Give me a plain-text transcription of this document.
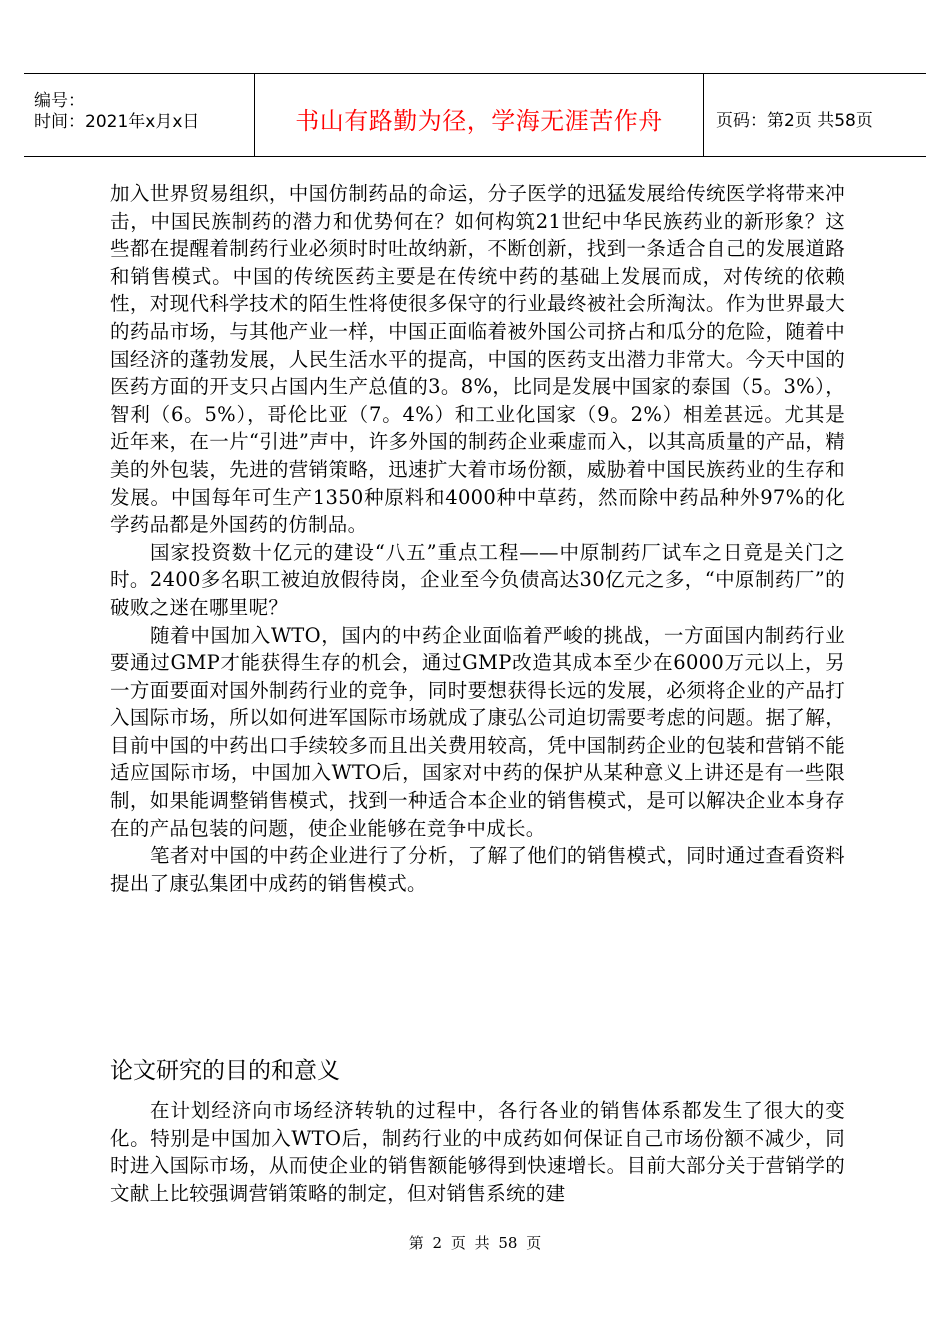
编号：
时间：2021年x月x日	书山有路勤为径，学海无涯苦作舟	页码：第2页 共58页

加入世界贸易组织，中国仿制药品的命运，分子医学的迅猛发展给传统医学将带来冲击，中国民族制药的潜力和优势何在？如何构筑21世纪中华民族药业的新形象？这些都在提醒着制药行业必须时时吐故纳新，不断创新，找到一条适合自己的发展道路和销售模式。中国的传统医药主要是在传统中药的基础上发展而成，对传统的依赖性，对现代科学技术的陌生性将使很多保守的行业最终被社会所淘汰。作为世界最大的药品市场，与其他产业一样，中国正面临着被外国公司挤占和瓜分的危险，随着中国经济的蓬勃发展，人民生活水平的提高，中国的医药支出潜力非常大。今天中国的医药方面的开支只占国内生产总值的3。8%，比同是发展中国家的泰国（5。3%），智利（6。5%），哥伦比亚（7。4%）和工业化国家（9。2%）相差甚远。尤其是近年来，在一片“引进”声中，许多外国的制药企业乘虚而入，以其高质量的产品，精美的外包装，先进的营销策略，迅速扩大着市场份额，威胁着中国民族药业的生存和发展。中国每年可生产1350种原料和4000种中草药，然而除中药品种外97%的化学药品都是外国药的仿制品。

国家投资数十亿元的建设“八五”重点工程——中原制药厂试车之日竟是关门之时。2400多名职工被迫放假待岗，企业至今负债高达30亿元之多，“中原制药厂”的破败之迷在哪里呢？

随着中国加入WTO，国内的中药企业面临着严峻的挑战，一方面国内制药行业要通过GMP才能获得生存的机会，通过GMP改造其成本至少在6000万元以上，另一方面要面对国外制药行业的竞争，同时要想获得长远的发展，必须将企业的产品打入国际市场，所以如何进军国际市场就成了康弘公司迫切需要考虑的问题。据了解，目前中国的中药出口手续较多而且出关费用较高，凭中国制药企业的包装和营销不能适应国际市场，中国加入WTO后，国家对中药的保护从某种意义上讲还是有一些限制，如果能调整销售模式，找到一种适合本企业的销售模式，是可以解决企业本身存在的产品包装的问题，使企业能够在竞争中成长。

笔者对中国的中药企业进行了分析，了解了他们的销售模式，同时通过查看资料提出了康弘集团中成药的销售模式。

论文研究的目的和意义

在计划经济向市场经济转轨的过程中，各行各业的销售体系都发生了很大的变化。特别是中国加入WTO后，制药行业的中成药如何保证自己市场份额不减少，同时进入国际市场，从而使企业的销售额能够得到快速增长。目前大部分关于营销学的文献上比较强调营销策略的制定，但对销售系统的建

第 2 页 共 58 页
